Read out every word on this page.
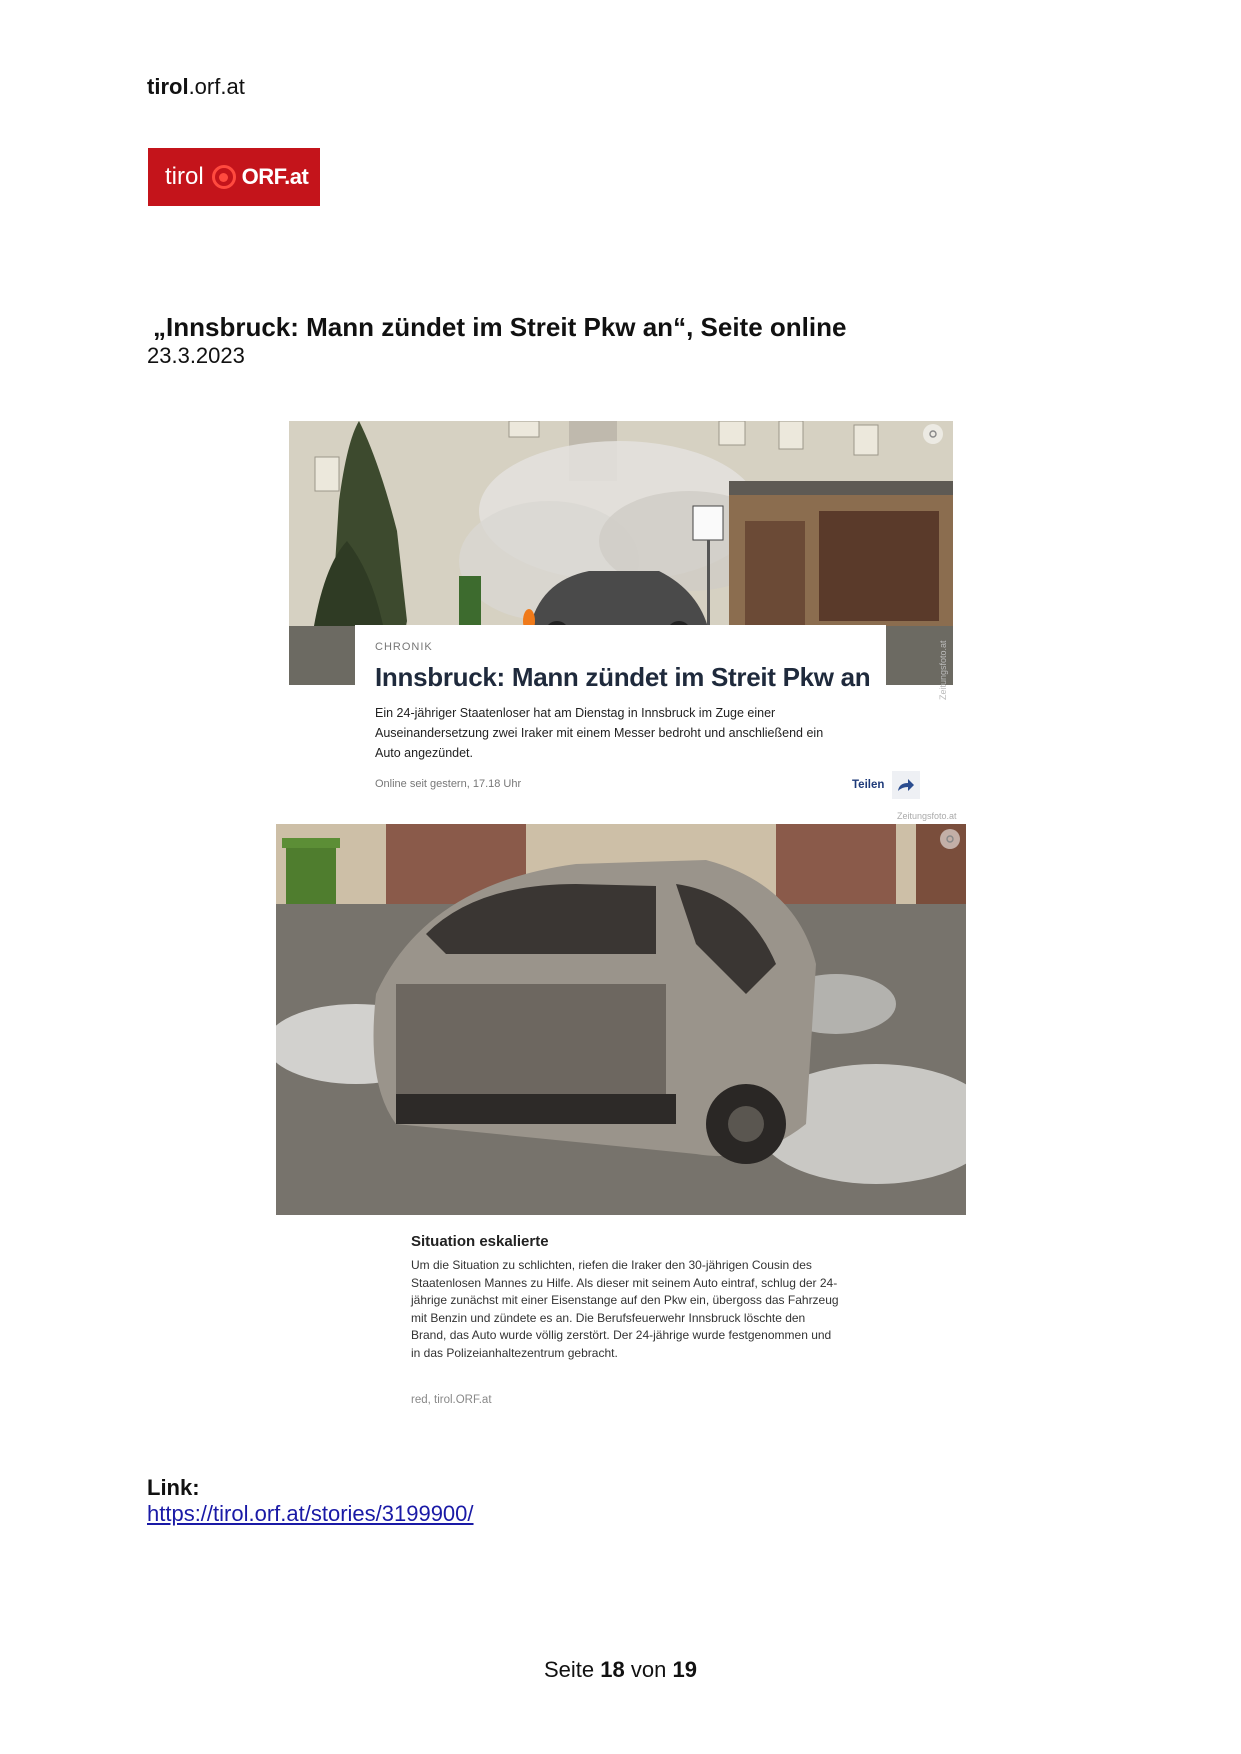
tirol.orf.at
tirol ORF.at
„Innsbruck: Mann zündet im Streit Pkw an“, Seite online
23.3.2023
CHRONIK
Innsbruck: Mann zündet im Streit Pkw an
Ein 24-jähriger Staatenloser hat am Dienstag in Innsbruck im Zuge einer Auseinandersetzung zwei Iraker mit einem Messer bedroht und anschließend ein Auto angezündet.
Online seit gestern, 17.18 Uhr	Teilen
Zeitungsfoto.at
Zeitungsfoto.at
Situation eskalierte
Um die Situation zu schlichten, riefen die Iraker den 30-jährigen Cousin des Staatenlosen Mannes zu Hilfe. Als dieser mit seinem Auto eintraf, schlug der 24-jährige zunächst mit einer Eisenstange auf den Pkw ein, übergoss das Fahrzeug mit Benzin und zündete es an. Die Berufsfeuerwehr Innsbruck löschte den Brand, das Auto wurde völlig zerstört. Der 24-jährige wurde festgenommen und in das Polizeianhaltezentrum gebracht.
red, tirol.ORF.at
Link:
https://tirol.orf.at/stories/3199900/
Seite 18 von 19
